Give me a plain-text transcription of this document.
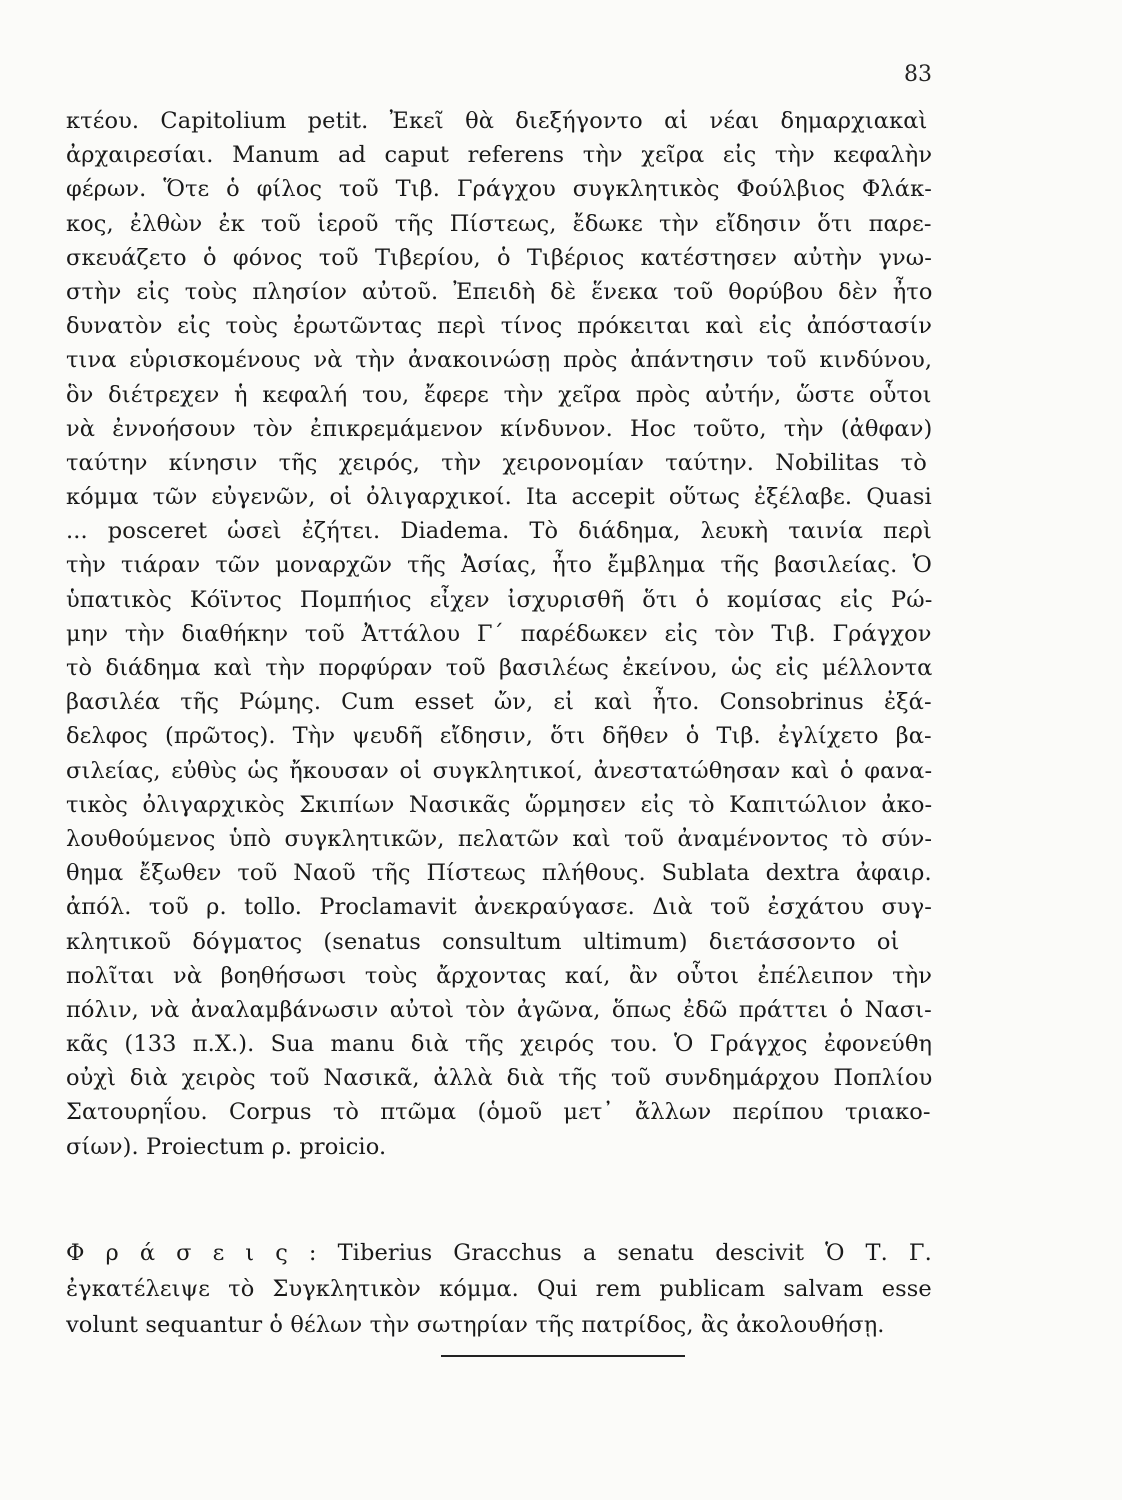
83
κτέου. Capitolium petit. Ἐκεῖ θὰ διεξήγοντο αἱ νέαι δημαρχιακαὶ
ἀρχαιρεσίαι. Manum ad caput referens τὴν χεῖρα εἰς τὴν κεφαλὴν
φέρων. Ὅτε ὁ φίλος τοῦ Τιβ. Γράγχου συγκλητικὸς Φούλβιος Φλάκ-
κος, ἐλθὼν ἐκ τοῦ ἱεροῦ τῆς Πίστεως, ἔδωκε τὴν εἴδησιν ὅτι παρε-
σκευάζετο ὁ φόνος τοῦ Τιβερίου, ὁ Τιβέριος κατέστησεν αὐτὴν γνω-
στὴν εἰς τοὺς πλησίον αὐτοῦ. Ἐπειδὴ δὲ ἕνεκα τοῦ θορύβου δὲν ἦτο
δυνατὸν εἰς τοὺς ἐρωτῶντας περὶ τίνος πρόκειται καὶ εἰς ἀπόστασίν
τινα εὑρισκομένους νὰ τὴν ἀνακοινώσῃ πρὸς ἀπάντησιν τοῦ κινδύνου,
ὃν διέτρεχεν ἡ κεφαλή του, ἔφερε τὴν χεῖρα πρὸς αὐτήν, ὥστε οὗτοι
νὰ ἐννοήσουν τὸν ἐπικρεμάμενον κίνδυνον. Hoc τοῦτο, τὴν (ἀθφαν)
ταύτην κίνησιν τῆς χειρός, τὴν χειρονομίαν ταύτην. Nobilitas τὸ
κόμμα τῶν εὐγενῶν, οἱ ὀλιγαρχικοί. Ita accepit οὕτως ἐξέλαβε. Quasi
... posceret ὡσεὶ ἐζήτει. Diadema. Τὸ διάδημα, λευκὴ ταινία περὶ
τὴν τιάραν τῶν μοναρχῶν τῆς Ἀσίας, ἦτο ἔμβλημα τῆς βασιλείας. Ὁ
ὑπατικὸς Κόϊντος Πομπήιος εἶχεν ἰσχυρισθῆ ὅτι ὁ κομίσας εἰς Ρώ-
μην τὴν διαθήκην τοῦ Ἀττάλου Γ´ παρέδωκεν εἰς τὸν Τιβ. Γράγχον
τὸ διάδημα καὶ τὴν πορφύραν τοῦ βασιλέως ἐκείνου, ὡς εἰς μέλλοντα
βασιλέα τῆς Ρώμης. Cum esset ὤν, εἰ καὶ ἦτο. Consobrinus ἐξά-
δελφος (πρῶτος). Τὴν ψευδῆ εἴδησιν, ὅτι δῆθεν ὁ Τιβ. ἐγλίχετο βα-
σιλείας, εὐθὺς ὡς ἤκουσαν οἱ συγκλητικοί, ἀνεστατώθησαν καὶ ὁ φανα-
τικὸς ὀλιγαρχικὸς Σκιπίων Νασικᾶς ὥρμησεν εἰς τὸ Καπιτώλιον ἀκο-
λουθούμενος ὑπὸ συγκλητικῶν, πελατῶν καὶ τοῦ ἀναμένοντος τὸ σύν-
θημα ἔξωθεν τοῦ Ναοῦ τῆς Πίστεως πλήθους. Sublata dextra ἀφαιρ.
ἀπόλ. τοῦ ρ. tollo. Proclamavit ἀνεκραύγασε. Διὰ τοῦ ἐσχάτου συγ-
κλητικοῦ δόγματος (senatus consultum ultimum) διετάσσοντο οἱ
πολῖται νὰ βοηθήσωσι τοὺς ἄρχοντας καί, ἂν οὗτοι ἐπέλειπον τὴν
πόλιν, νὰ ἀναλαμβάνωσιν αὐτοὶ τὸν ἀγῶνα, ὅπως ἐδῶ πράττει ὁ Νασι-
κᾶς (133 π.Χ.). Sua manu διὰ τῆς χειρός του. Ὁ Γράγχος ἐφονεύθη
οὐχὶ διὰ χειρὸς τοῦ Νασικᾶ, ἀλλὰ διὰ τῆς τοῦ συνδημάρχου Ποπλίου
Σατουρηΐου. Corpus τὸ πτῶμα (ὁμοῦ μετ᾽ ἄλλων περίπου τριακο-
σίων). Proiectum ρ. proicio.
Φ ρ ά σ ε ι ς : Tiberius Gracchus a senatu descivit Ὁ Τ. Γ.
ἐγκατέλειψε τὸ Συγκλητικὸν κόμμα. Qui rem publicam salvam esse
volunt sequantur ὁ θέλων τὴν σωτηρίαν τῆς πατρίδος, ἂς ἀκολουθήσῃ.
